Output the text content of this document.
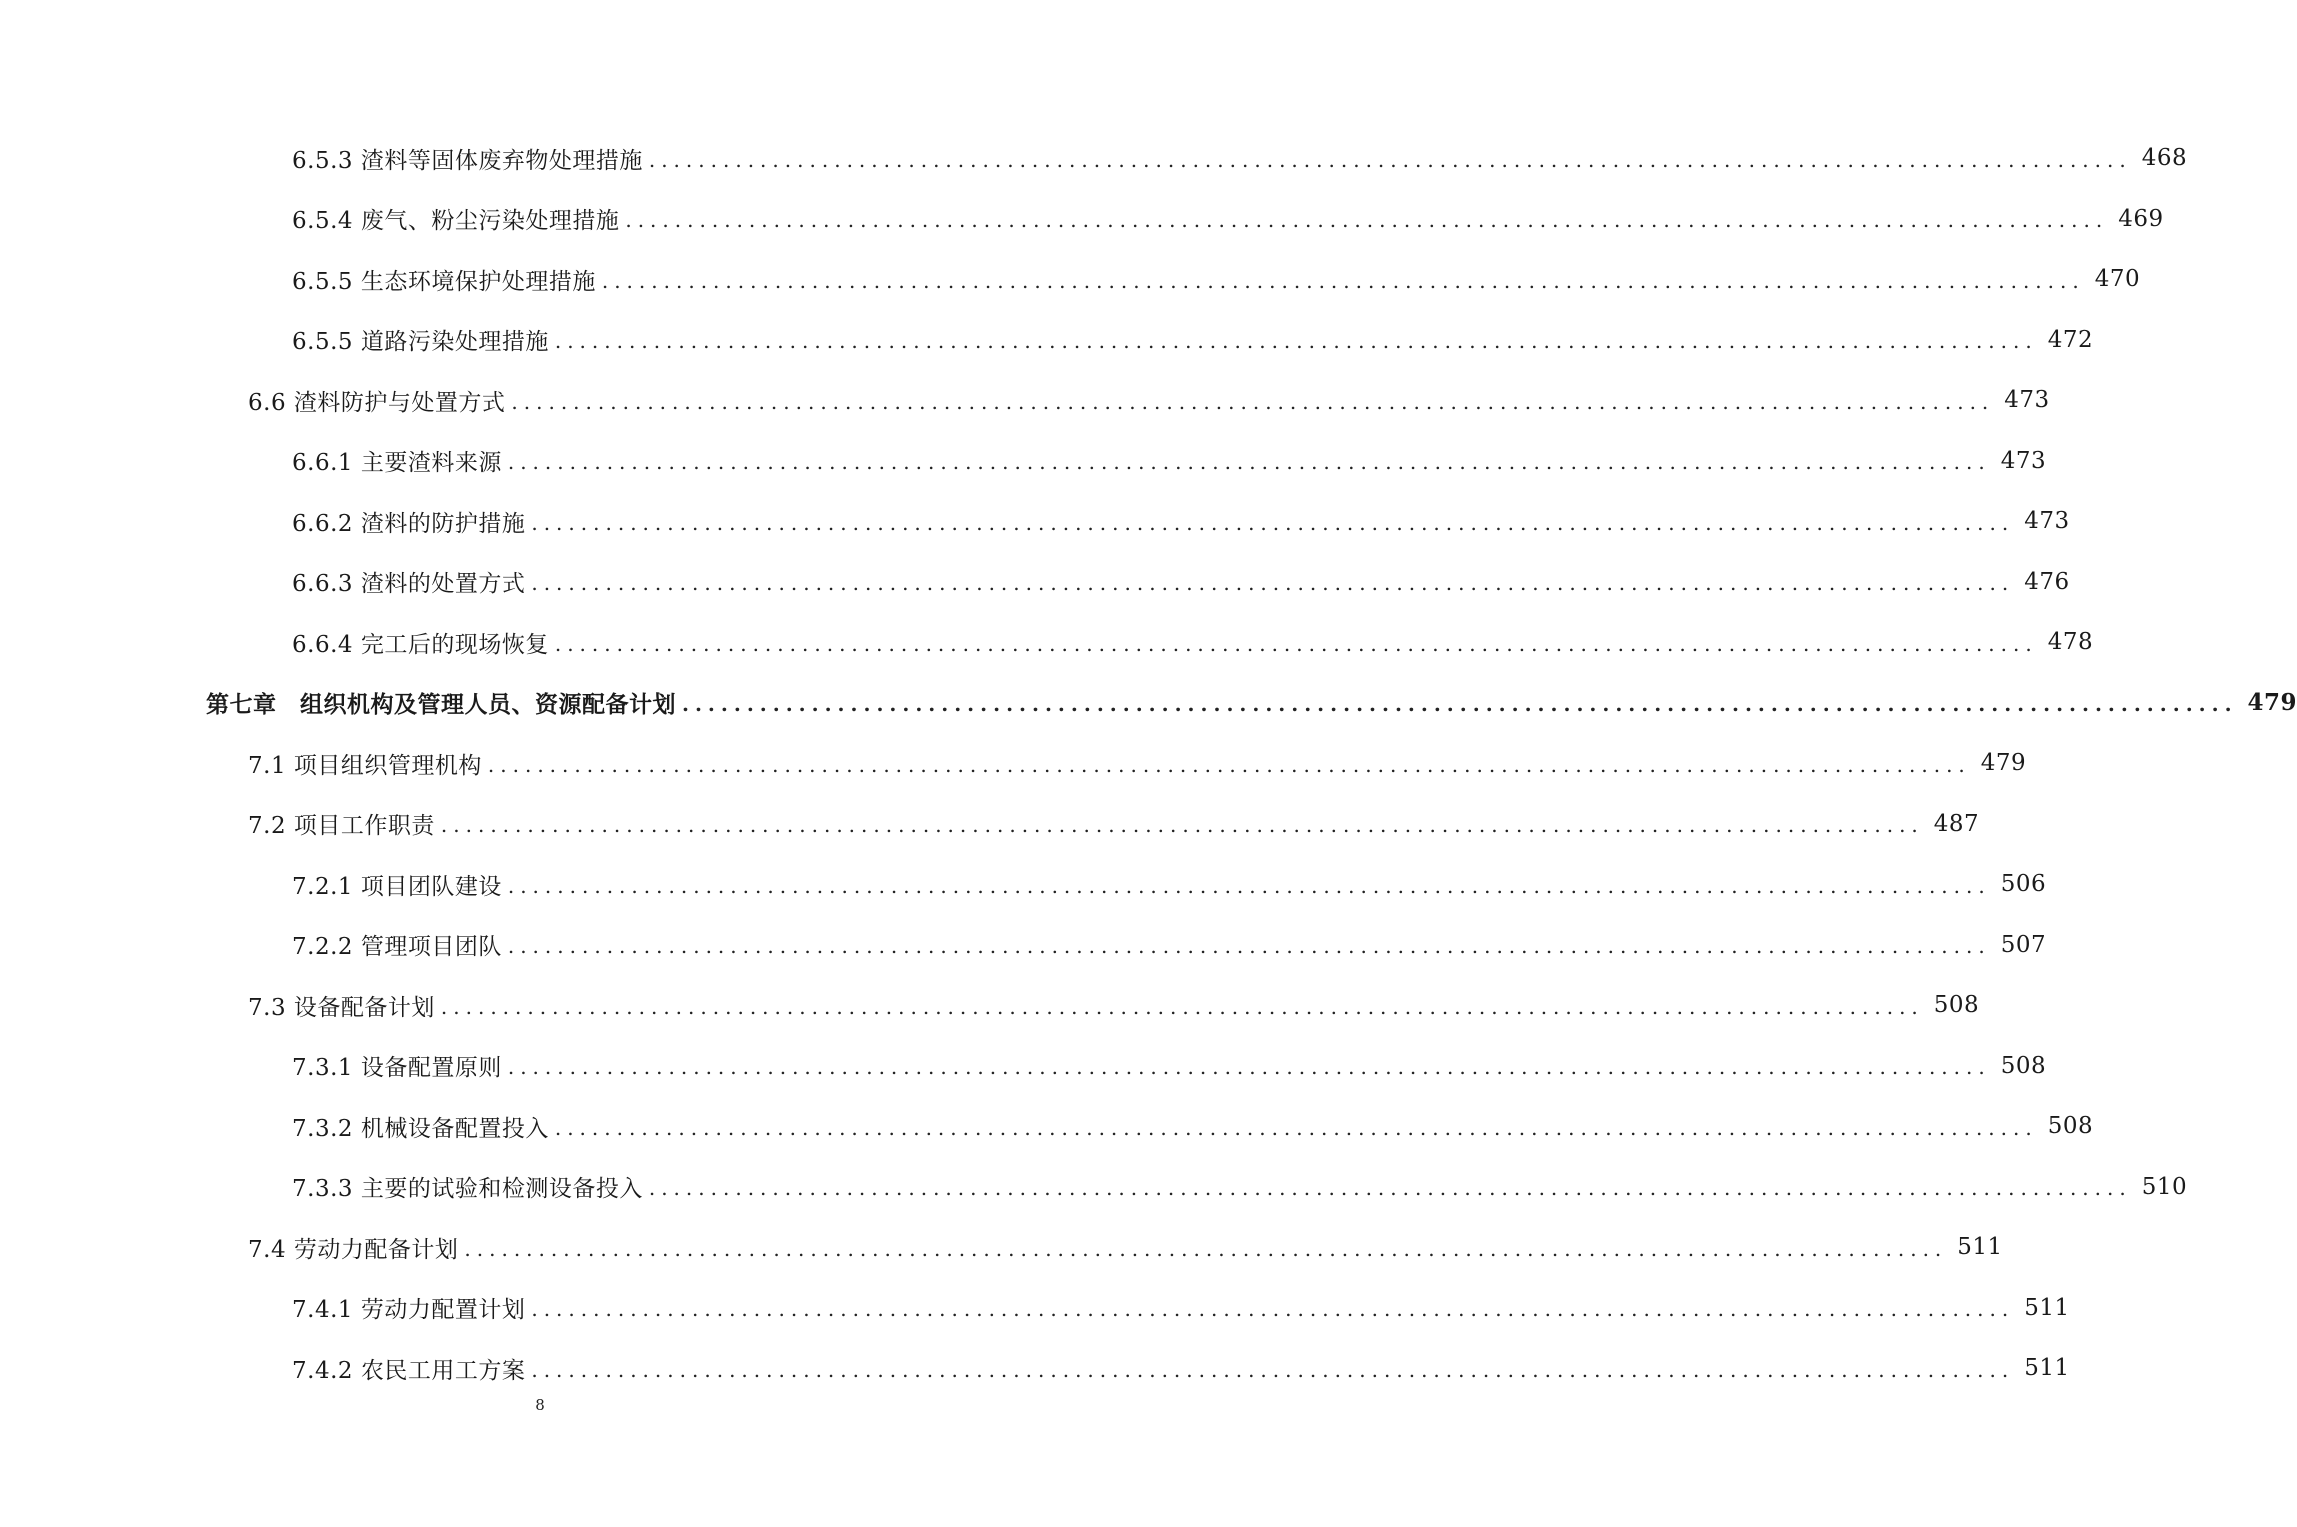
6.5.3 渣料等固体废弃物处理措施 ........................................................................................................................ 468
6.5.4 废气、粉尘污染处理措施 ........................................................................................................................ 469
6.5.5 生态环境保护处理措施 ........................................................................................................................ 470
6.5.5 道路污染处理措施 ........................................................................................................................ 472
6.6 渣料防护与处置方式 ........................................................................................................................ 473
6.6.1 主要渣料来源 ........................................................................................................................ 473
6.6.2 渣料的防护措施 ........................................................................................................................ 473
6.6.3 渣料的处置方式 ........................................................................................................................ 476
6.6.4 完工后的现场恢复 ........................................................................................................................ 478
第七章　组织机构及管理人员、资源配备计划 ........................................................................................................................ 479
7.1 项目组织管理机构 ........................................................................................................................ 479
7.2 项目工作职责 ........................................................................................................................ 487
7.2.1 项目团队建设 ........................................................................................................................ 506
7.2.2 管理项目团队 ........................................................................................................................ 507
7.3 设备配备计划 ........................................................................................................................ 508
7.3.1 设备配置原则 ........................................................................................................................ 508
7.3.2 机械设备配置投入 ........................................................................................................................ 508
7.3.3 主要的试验和检测设备投入 ........................................................................................................................ 510
7.4 劳动力配备计划 ........................................................................................................................ 511
7.4.1 劳动力配置计划 ........................................................................................................................ 511
7.4.2 农民工用工方案 ........................................................................................................................ 511
8
